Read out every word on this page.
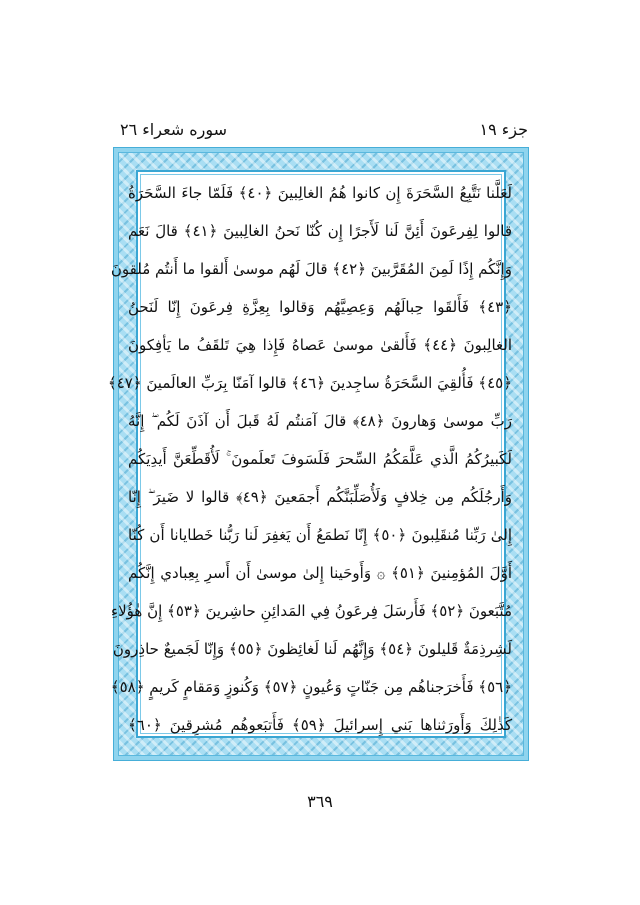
جزء ١٩
سوره شعراء ٢٦
لَعَلَّنا نَتَّبِعُ السَّحَرَةَ إِن كانوا هُمُ الغالِبينَ ﴿٤٠﴾ فَلَمّا جاءَ السَّحَرَةُ
قالوا لِفِرعَونَ أَئِنَّ لَنا لَأَجرًا إِن كُنّا نَحنُ الغالِبينَ ﴿٤١﴾ قالَ نَعَم
وَإِنَّكُم إِذًا لَمِنَ المُقَرَّبينَ ﴿٤٢﴾ قالَ لَهُم موسىٰ أَلقوا ما أَنتُم مُلقونَ
﴿٤٣﴾ فَأَلقَوا حِبالَهُم وَعِصِيَّهُم وَقالوا بِعِزَّةِ فِرعَونَ إِنّا لَنَحنُ
الغالِبونَ ﴿٤٤﴾ فَأَلقىٰ موسىٰ عَصاهُ فَإِذا هِيَ تَلقَفُ ما يَأفِكونَ
﴿٤٥﴾ فَأُلقِيَ السَّحَرَةُ ساجِدينَ ﴿٤٦﴾ قالوا آمَنّا بِرَبِّ العالَمينَ ﴿٤٧﴾
رَبِّ موسىٰ وَهارونَ ﴿٤٨﴾ قالَ آمَنتُم لَهُ قَبلَ أَن آذَنَ لَكُم ۖ إِنَّهُ
لَكَبيرُكُمُ الَّذي عَلَّمَكُمُ السِّحرَ فَلَسَوفَ تَعلَمونَ ۚ لَأُقَطِّعَنَّ أَيدِيَكُم
وَأَرجُلَكُم مِن خِلافٍ وَلَأُصَلِّبَنَّكُم أَجمَعينَ ﴿٤٩﴾ قالوا لا ضَيرَ ۖ إِنّا
إِلىٰ رَبِّنا مُنقَلِبونَ ﴿٥٠﴾ إِنّا نَطمَعُ أَن يَغفِرَ لَنا رَبُّنا خَطايانا أَن كُنّا
أَوَّلَ المُؤمِنينَ ﴿٥١﴾ ۞ وَأَوحَينا إِلىٰ موسىٰ أَن أَسرِ بِعِبادي إِنَّكُم
مُتَّبَعونَ ﴿٥٢﴾ فَأَرسَلَ فِرعَونُ فِي المَدائِنِ حاشِرينَ ﴿٥٣﴾ إِنَّ هٰؤُلاءِ
لَشِرذِمَةٌ قَليلونَ ﴿٥٤﴾ وَإِنَّهُم لَنا لَغائِظونَ ﴿٥٥﴾ وَإِنّا لَجَميعٌ حاذِرونَ
﴿٥٦﴾ فَأَخرَجناهُم مِن جَنّاتٍ وَعُيونٍ ﴿٥٧﴾ وَكُنوزٍ وَمَقامٍ كَريمٍ ﴿٥٨﴾
كَذٰلِكَ وَأَورَثناها بَني إِسرائيلَ ﴿٥٩﴾ فَأَتبَعوهُم مُشرِقينَ ﴿٦٠﴾
٣٦٩
